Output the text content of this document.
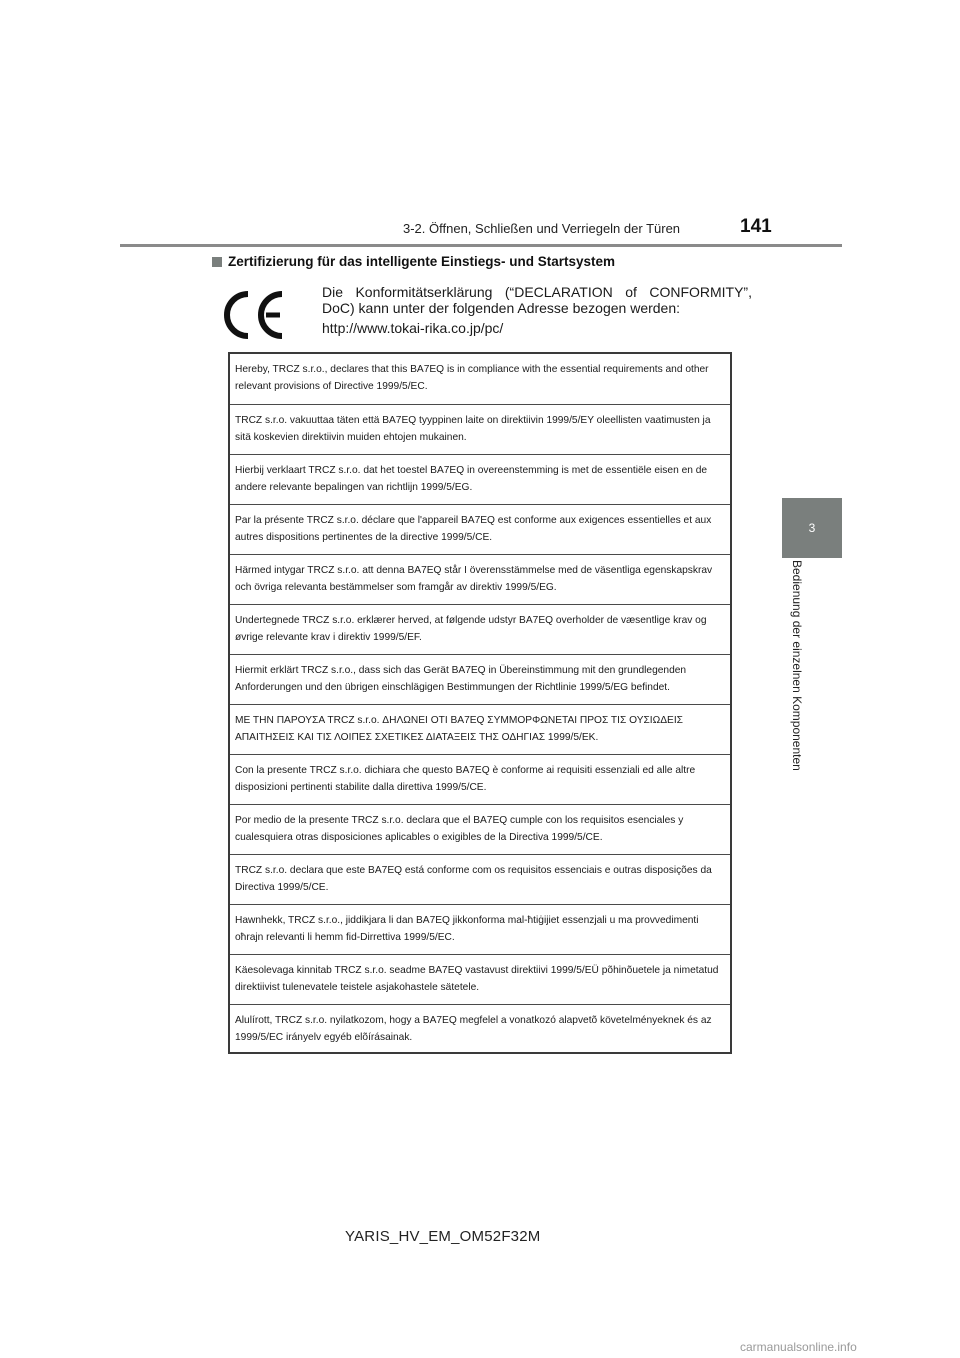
3-2. Öffnen, Schließen und Verriegeln der Türen	141
3
Bedienung der einzelnen Komponenten
Zertifizierung für das intelligente Einstiegs- und Startsystem
Die Konformitätserklärung (“DECLARATION of CONFORMITY”, DoC) kann unter der folgenden Adresse bezogen werden:
http://www.tokai-rika.co.jp/pc/
Hereby, TRCZ s.r.o., declares that this BA7EQ is in compliance with the essential requirements and other relevant provisions of Directive 1999/5/EC.
TRCZ s.r.o. vakuuttaa täten että BA7EQ tyyppinen laite on direktiivin 1999/5/EY oleellisten vaatimusten ja sitä koskevien direktiivin muiden ehtojen mukainen.
Hierbij verklaart TRCZ s.r.o. dat het toestel BA7EQ in overeenstemming is met de essentiële eisen en de andere relevante bepalingen van richtlijn 1999/5/EG.
Par la présente TRCZ s.r.o. déclare que l'appareil BA7EQ est conforme aux exigences essentielles et aux autres dispositions pertinentes de la directive 1999/5/CE.
Härmed intygar TRCZ s.r.o. att denna BA7EQ står I överensstämmelse med de väsentliga egenskapskrav och övriga relevanta bestämmelser som framgår av direktiv 1999/5/EG.
Undertegnede TRCZ s.r.o. erklærer herved, at følgende udstyr BA7EQ overholder de væsentlige krav og øvrige relevante krav i direktiv 1999/5/EF.
Hiermit erklärt TRCZ s.r.o., dass sich das Gerät BA7EQ in Übereinstimmung mit den grundlegenden Anforderungen und den übrigen einschlägigen Bestimmungen der Richtlinie 1999/5/EG befindet.
ΜΕ ΤΗΝ ΠΑΡΟΥΣΑ TRCZ s.r.o. ΔΗΛΩΝΕΙ ΟΤΙ BA7EQ ΣΥΜΜΟΡΦΩΝΕΤΑΙ ΠΡΟΣ ΤΙΣ ΟΥΣΙΩΔΕΙΣ ΑΠΑΙΤΗΣΕΙΣ ΚΑΙ ΤΙΣ ΛΟΙΠΕΣ ΣΧΕΤΙΚΕΣ ΔΙΑΤΑΞΕΙΣ ΤΗΣ ΟΔΗΓΙΑΣ 1999/5/ΕΚ.
Con la presente TRCZ s.r.o. dichiara che questo BA7EQ è conforme ai requisiti essenziali ed alle altre disposizioni pertinenti stabilite dalla direttiva 1999/5/CE.
Por medio de la presente TRCZ s.r.o. declara que el BA7EQ cumple con los requisitos esenciales y cualesquiera otras disposiciones aplicables o exigibles de la Directiva 1999/5/CE.
TRCZ s.r.o. declara que este BA7EQ está conforme com os requisitos essenciais e outras disposições da Directiva 1999/5/CE.
Hawnhekk, TRCZ s.r.o., jiddikjara li dan BA7EQ jikkonforma mal-ħtiġijiet essenzjali u ma provvedimenti oħrajn relevanti li hemm fid-Dirrettiva 1999/5/EC.
Käesolevaga kinnitab TRCZ s.r.o. seadme BA7EQ vastavust direktiivi 1999/5/EÜ põhinõuetele ja nimetatud direktiivist tulenevatele teistele asjakohastele sätetele.
Alulírott, TRCZ s.r.o. nyilatkozom, hogy a BA7EQ megfelel a vonatkozó alapvetõ követelményeknek és az 1999/5/EC irányelv egyéb elõírásainak.
YARIS_HV_EM_OM52F32M
carmanualsonline.info
